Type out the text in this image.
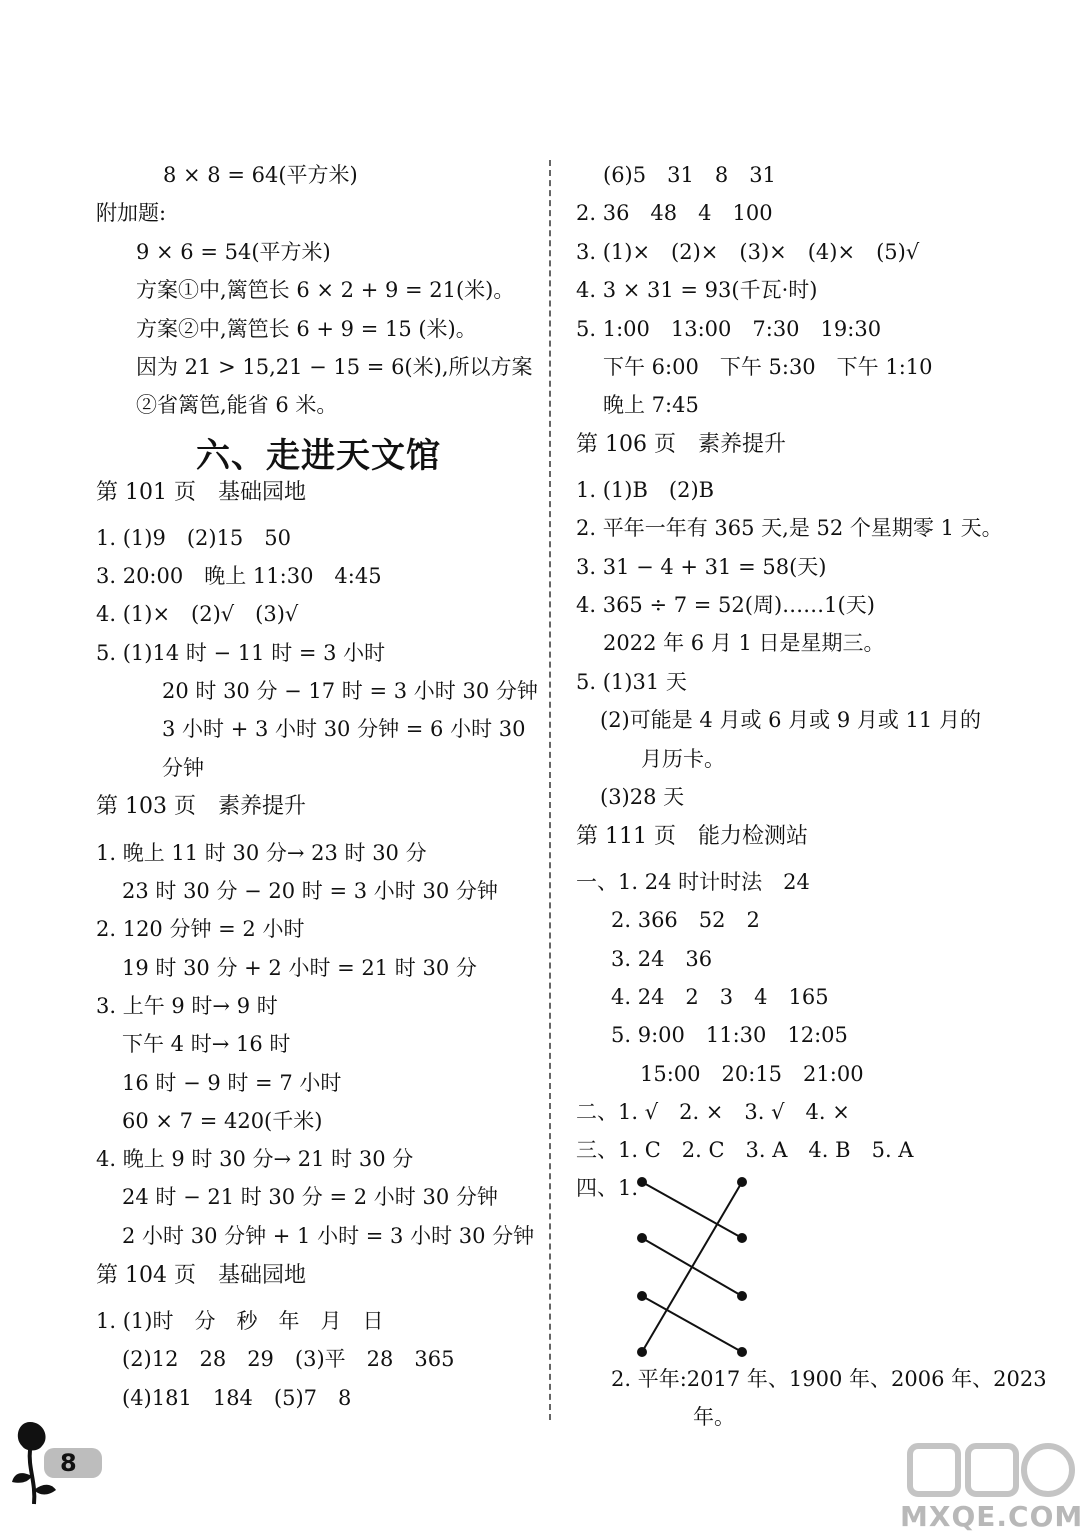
8 × 8 = 64(平方米)
附加题:
9 × 6 = 54(平方米)
方案①中,篱笆长 6 × 2 + 9 = 21(米)。
方案②中,篱笆长 6 + 9 = 15 (米)。
因为 21 > 15,21 − 15 = 6(米),所以方案
②省篱笆,能省 6 米。
六、走进天文馆
第 101 页　基础园地
1. (1)9　(2)15　50
3. 20:00　晚上 11:30　4:45
4. (1)×　(2)√　(3)√
5. (1)14 时 − 11 时 = 3 小时
20 时 30 分 − 17 时 = 3 小时 30 分钟
3 小时 + 3 小时 30 分钟 = 6 小时 30
分钟
第 103 页　素养提升
1. 晚上 11 时 30 分→ 23 时 30 分
23 时 30 分 − 20 时 = 3 小时 30 分钟
2. 120 分钟 = 2 小时
19 时 30 分 + 2 小时 = 21 时 30 分
3. 上午 9 时→ 9 时
下午 4 时→ 16 时
16 时 − 9 时 = 7 小时
60 × 7 = 420(千米)
4. 晚上 9 时 30 分→ 21 时 30 分
24 时 − 21 时 30 分 = 2 小时 30 分钟
2 小时 30 分钟 + 1 小时 = 3 小时 30 分钟
第 104 页　基础园地
1. (1)时　分　秒　年　月　日
(2)12　28　29　(3)平　28　365
(4)181　184　(5)7　8
(6)5　31　8　31
2. 36　48　4　100
3. (1)×　(2)×　(3)×　(4)×　(5)√
4. 3 × 31 = 93(千瓦·时)
5. 1:00　13:00　7:30　19:30
下午 6:00　下午 5:30　下午 1:10
晚上 7:45
第 106 页　素养提升
1. (1)B　(2)B
2. 平年一年有 365 天,是 52 个星期零 1 天。
3. 31 − 4 + 31 = 58(天)
4. 365 ÷ 7 = 52(周)……1(天)
2022 年 6 月 1 日是星期三。
5. (1)31 天
(2)可能是 4 月或 6 月或 9 月或 11 月的
月历卡。
(3)28 天
第 111 页　能力检测站
一、1. 24 时计时法　24
2. 366　52　2
3. 24　36
4. 24　2　3　4　165
5. 9:00　11:30　12:05
15:00　20:15　21:00
二、1. √　2. ×　3. √　4. ×
三、1. C　2. C　3. A　4. B　5. A
四、1.
2. 平年:2017 年、1900 年、2006 年、2023
年。
8
MXQE.COM
